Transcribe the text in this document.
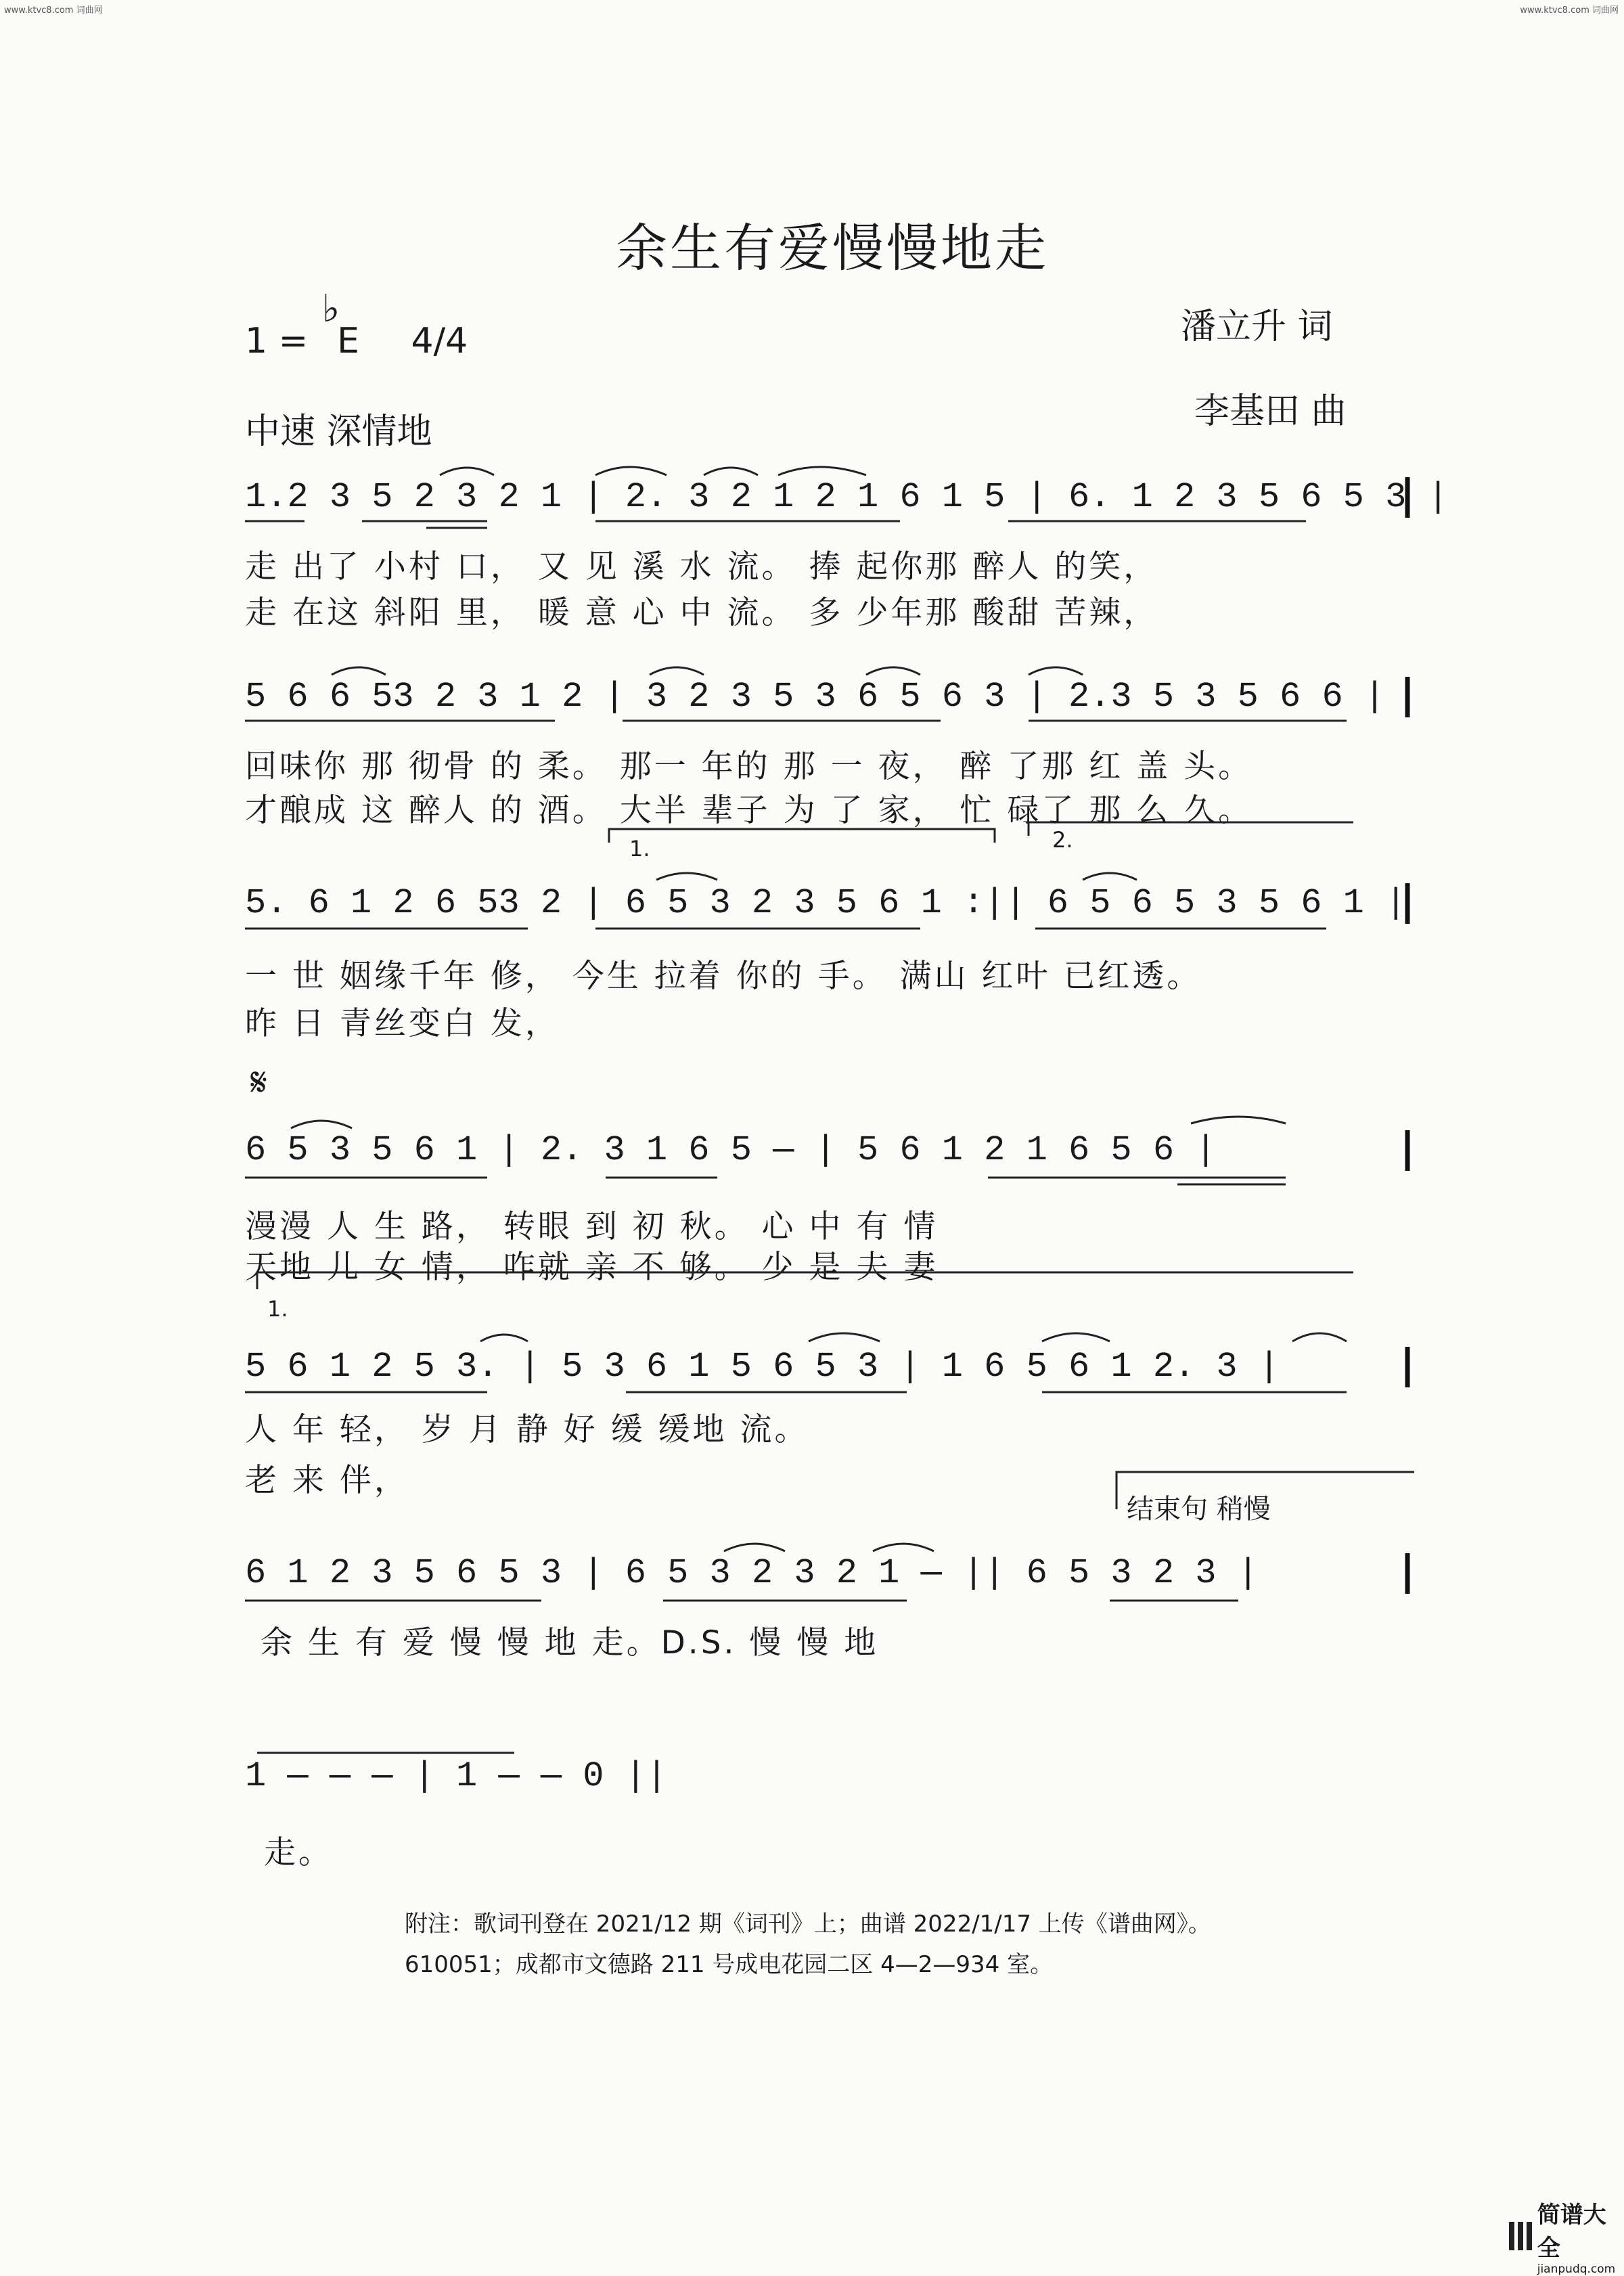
www.ktvc8.com 词曲网	www.ktvc8.com 词曲网
余生有爱慢慢地走
1 = ♭E 4/4
中速 深情地
潘立升 词
李基田 曲
1.2 3 5 2 3 2 1 | 2. 3 2 1 2 1 6 1 5 | 6. 1 2 3 5 6 5 3 |
走 出了 小村 口， 又 见 溪 水 流。 捧 起你那 醉人 的笑，
走 在这 斜阳 里， 暖 意 心 中 流。 多 少年那 酸甜 苦辣，
5 6 6 53 2 3 1 2 | 3 2 3 5 3 6 5 6 3 | 2.3 5 3 5 6 6 |
回味你 那 彻骨 的 柔。 那一 年的 那 一 夜， 醉 了那 红 盖 头。
才酿成 这 醉人 的 酒。 大半 辈子 为 了 家， 忙 碌了 那 么 久。
1.	2.
5. 6 1 2 6 53 2 | 6 5 3 2 3 5 6 1 :|| 6 5 6 5 3 5 6 1 |
一 世 姻缘千年 修， 今生 拉着 你的 手。 满山 红叶 已红透。
昨 日 青丝变白 发，
𝄋
6 5 3 5 6 1 | 2. 3 1 6 5 — | 5 6 1 2 1 6 5 6 |
漫漫 人 生 路， 转眼 到 初 秋。 心 中 有 情
天地 儿 女 情， 咋就 亲 不 够。 少 是 夫 妻
1.
5 6 1 2 5 3. | 5 3 6 1 5 6 5 3 | 1 6 5 6 1 2. 3 |
人 年 轻， 岁 月 静 好 缓 缓地 流。
老 来 伴，
结束句 稍慢
6 1 2 3 5 6 5 3 | 6 5 3 2 3 2 1 — || 6 5 3 2 3 |
余 生 有 爱 慢 慢 地 走。D.S. 慢 慢 地
1 — — — | 1 — — 0 ||
走。
附注：歌词刊登在 2021/12 期《词刊》上；曲谱 2022/1/17 上传《谱曲网》。
610051；成都市文德路 211 号成电花园二区 4—2—934 室。
简谱大全
jianpudq.com
